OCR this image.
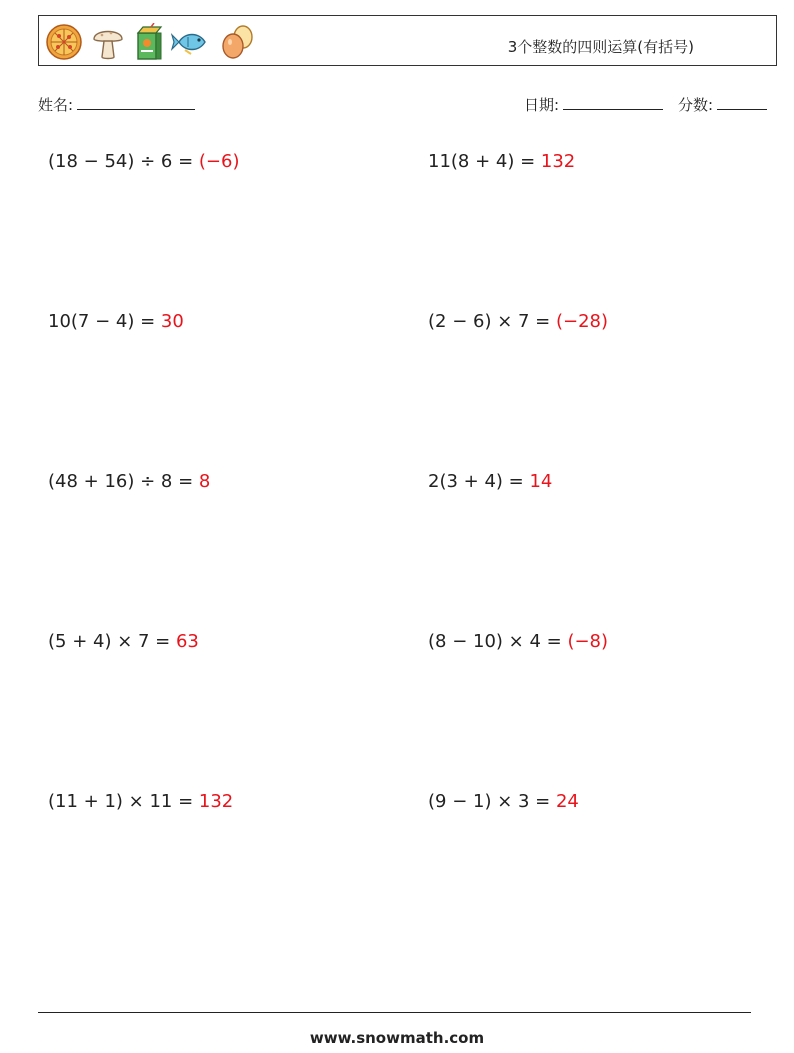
3个整数的四则运算(有括号)
姓名:	日期:	分数:
(18 − 54) ÷ 6 = (−6)	11(8 + 4) = 132
10(7 − 4) = 30	(2 − 6) × 7 = (−28)
(48 + 16) ÷ 8 = 8	2(3 + 4) = 14
(5 + 4) × 7 = 63	(8 − 10) × 4 = (−8)
(11 + 1) × 11 = 132	(9 − 1) × 3 = 24
www.snowmath.com
